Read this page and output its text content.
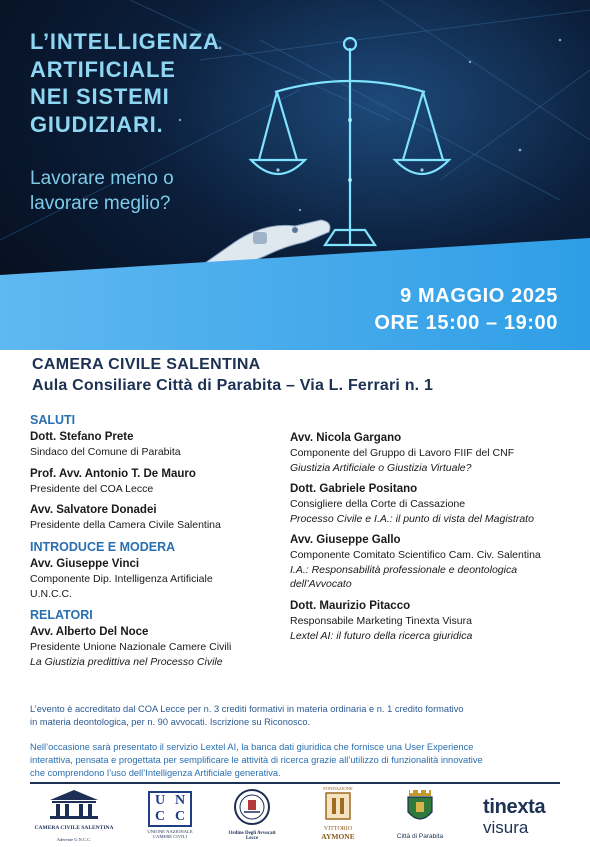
L’INTELLIGENZA
ARTIFICIALE
NEI SISTEMI
GIUDIZIARI.
Lavorare meno o
lavorare meglio?
9 MAGGIO 2025
ORE 15:00 – 19:00
CAMERA CIVILE SALENTINA
Aula Consiliare Città di Parabita – Via L. Ferrari n. 1
SALUTI
Dott. Stefano Prete
Sindaco del Comune di Parabita
Prof. Avv. Antonio T. De Mauro
Presidente del COA Lecce
Avv. Salvatore Donadei
Presidente della Camera Civile Salentina
INTRODUCE E MODERA
Avv. Giuseppe Vinci
Componente Dip. Intelligenza Artificiale
U.N.C.C.
RELATORI
Avv. Alberto Del Noce
Presidente Unione Nazionale Camere Civili
La Giustizia predittiva nel Processo Civile
Avv. Nicola Gargano
Componente del Gruppo di Lavoro FIIF del CNF
Giustizia Artificiale o Giustizia Virtuale?
Dott. Gabriele Positano
Consigliere della Corte di Cassazione
Processo Civile e I.A.: il punto di vista del Magistrato
Avv. Giuseppe Gallo
Componente Comitato Scientifico Cam. Civ. Salentina
I.A.: Responsabilità professionale e deontologica
dell’Avvocato
Dott. Maurizio Pitacco
Responsabile Marketing Tinexta Visura
Lextel AI: il futuro della ricerca giuridica
L’evento è accreditato dal COA Lecce per n. 3 crediti formativi in materia ordinaria e n. 1 credito formativo
in materia deontologica, per n. 90 avvocati. Iscrizione su Riconosco.
Nell’occasione sarà presentato il servizio Lextel AI, la banca dati giuridica che fornisce una User Experience
interattiva, pensata e progettata per semplificare le attività di ricerca grazie all’utilizzo di funzionalità innovative
che comprendono l’uso dell’Intelligenza Artificiale generativa.
CAMERA CIVILE SALENTINA
Aderente U.N.C.C.
U N
C C
UNIONE NAZIONALE
CAMERE CIVILI
Ordine Degli Avvocati
Lecce
FONDAZIONE
VITTORIO
AYMONE	Città di Parabita
tinexta
visura
